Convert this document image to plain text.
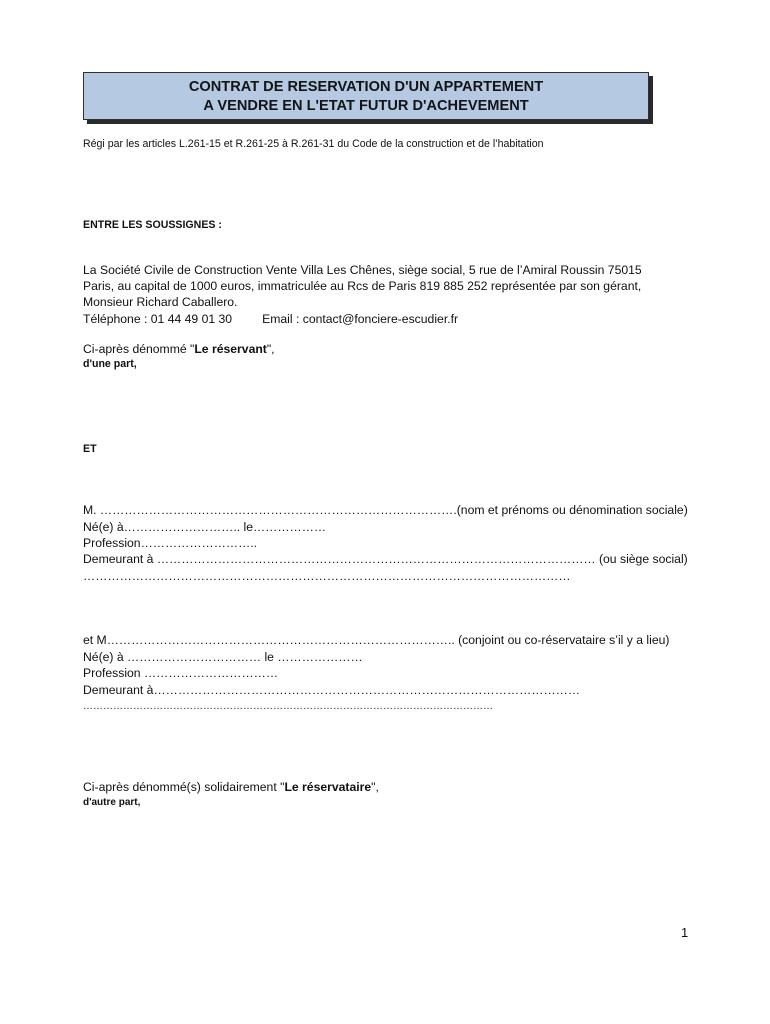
CONTRAT DE RESERVATION D'UN APPARTEMENT
A VENDRE EN L'ETAT FUTUR D'ACHEVEMENT
Régi par les articles L.261-15 et R.261-25 à R.261-31 du Code de la construction et de l’habitation
ENTRE LES SOUSSIGNES :
La Société Civile de Construction Vente Villa Les Chênes, siège social, 5 rue de l’Amiral Roussin 75015
Paris, au capital de 1000 euros, immatriculée au Rcs de Paris 819 885 252 représentée par son gérant,
Monsieur Richard Caballero.
Téléphone : 01 44 49 01 30 Email : contact@fonciere-escudier.fr
Ci-après dénommé "Le réservant",
d'une part,
ET
M. …………………………………………………………………………….(nom et prénoms ou dénomination sociale)
Né(e) à……………………….. le………………
Profession………………………..
Demeurant à ……………………………………………………………………………………………… (ou siège social)
…………………………………………………………………………………………………………
et M………………………………………………………………………….. (conjoint ou co-réservataire s’il y a lieu)
Né(e) à …………………………… le …………………
Profession ……………………………
Demeurant à……………………………………………………………………………………………
……………………………………………………………………………………………………………
Ci-après dénommé(s) solidairement "Le réservataire",
d'autre part,
1
